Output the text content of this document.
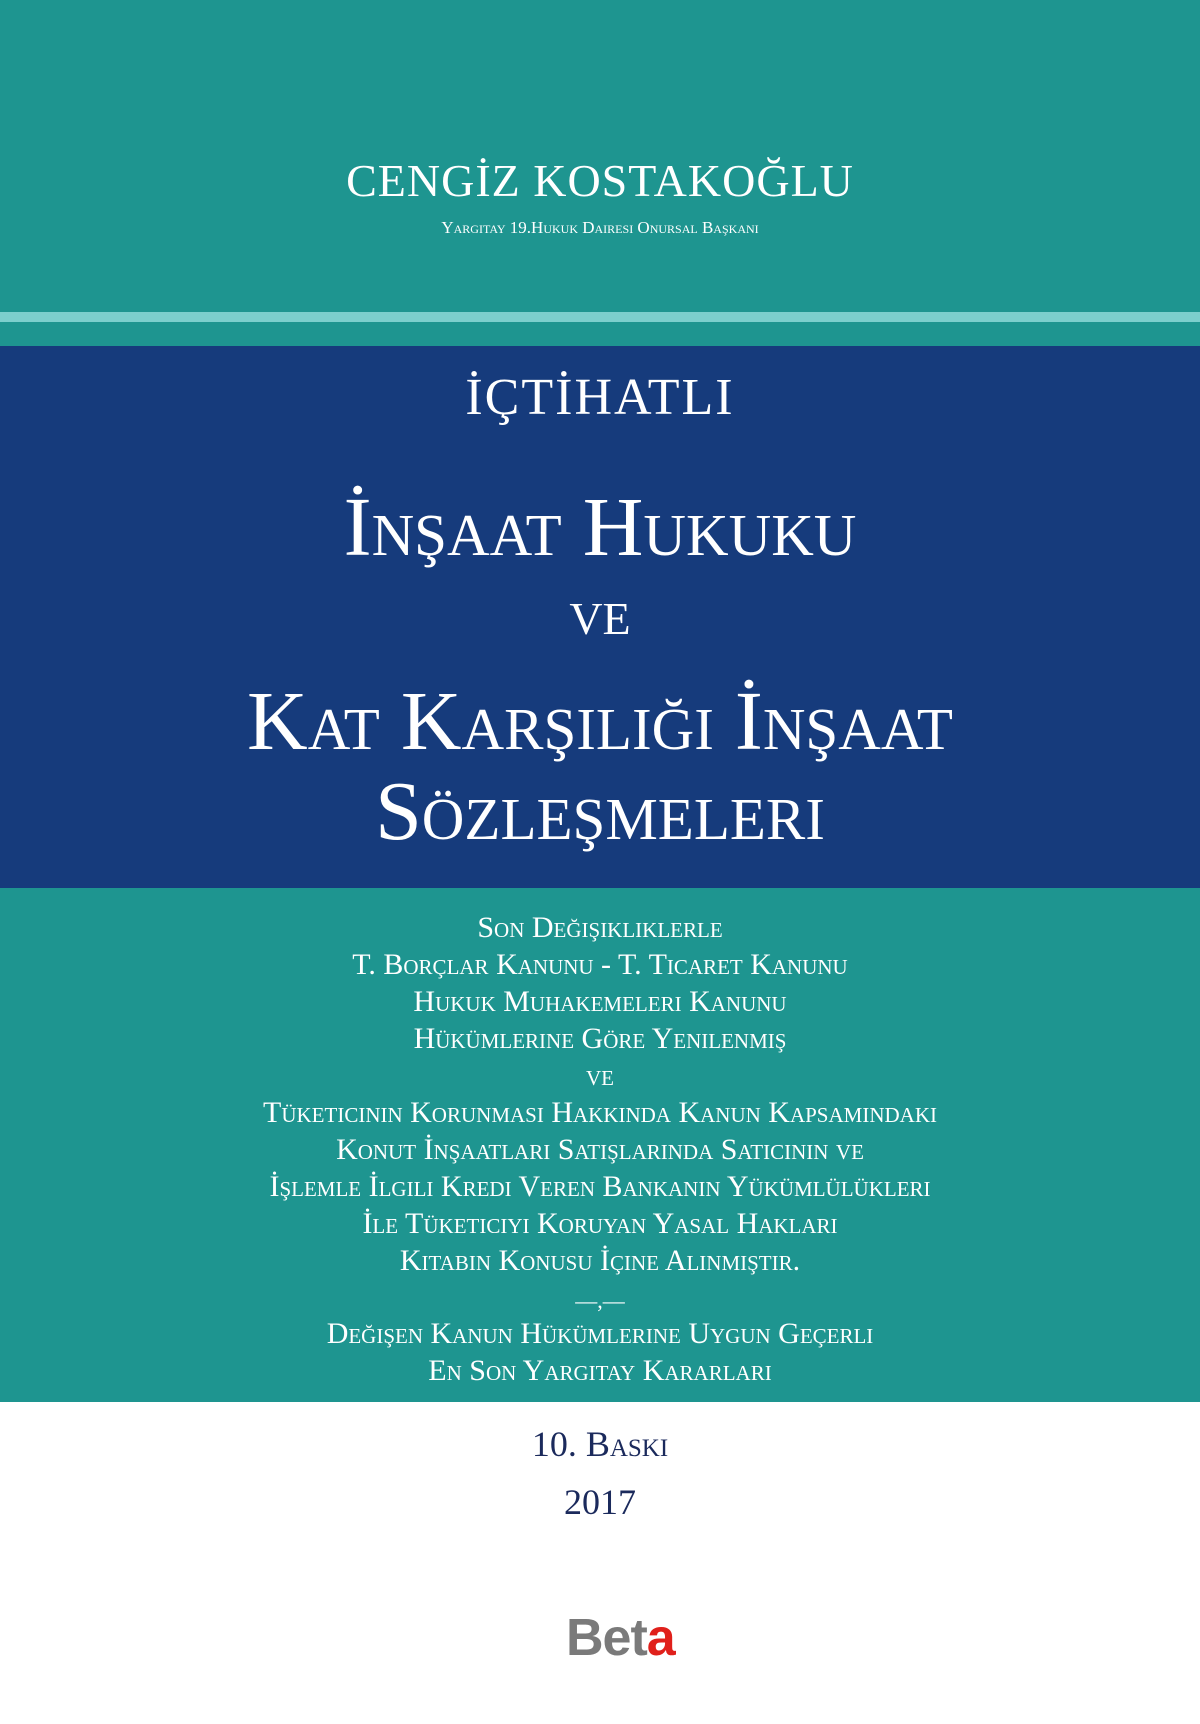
CENGİZ KOSTAKOĞLU
Yargıtay 19.Hukuk Dairesi Onursal Başkanı
İÇTİHATLI
İnşaat Hukuku
ve
Kat Karşılığı İnşaat
Sözleşmeleri
Son Değişikliklerle
T. Borçlar Kanunu - T. Ticaret Kanunu
Hukuk Muhakemeleri Kanunu
Hükümlerine Göre Yenilenmiş
ve
Tüketicinin Korunması Hakkında Kanun Kapsamındaki
Konut İnşaatları Satışlarında Satıcının ve
İşlemle İlgili Kredi Veren Bankanın Yükümlülükleri
İle Tüketiciyi Koruyan Yasal Hakları
Kitabın Konusu İçine Alınmıştır.
—,—
Değişen Kanun Hükümlerine Uygun Geçerli
En Son Yargıtay Kararları
10. Baskı
2017
Beta
